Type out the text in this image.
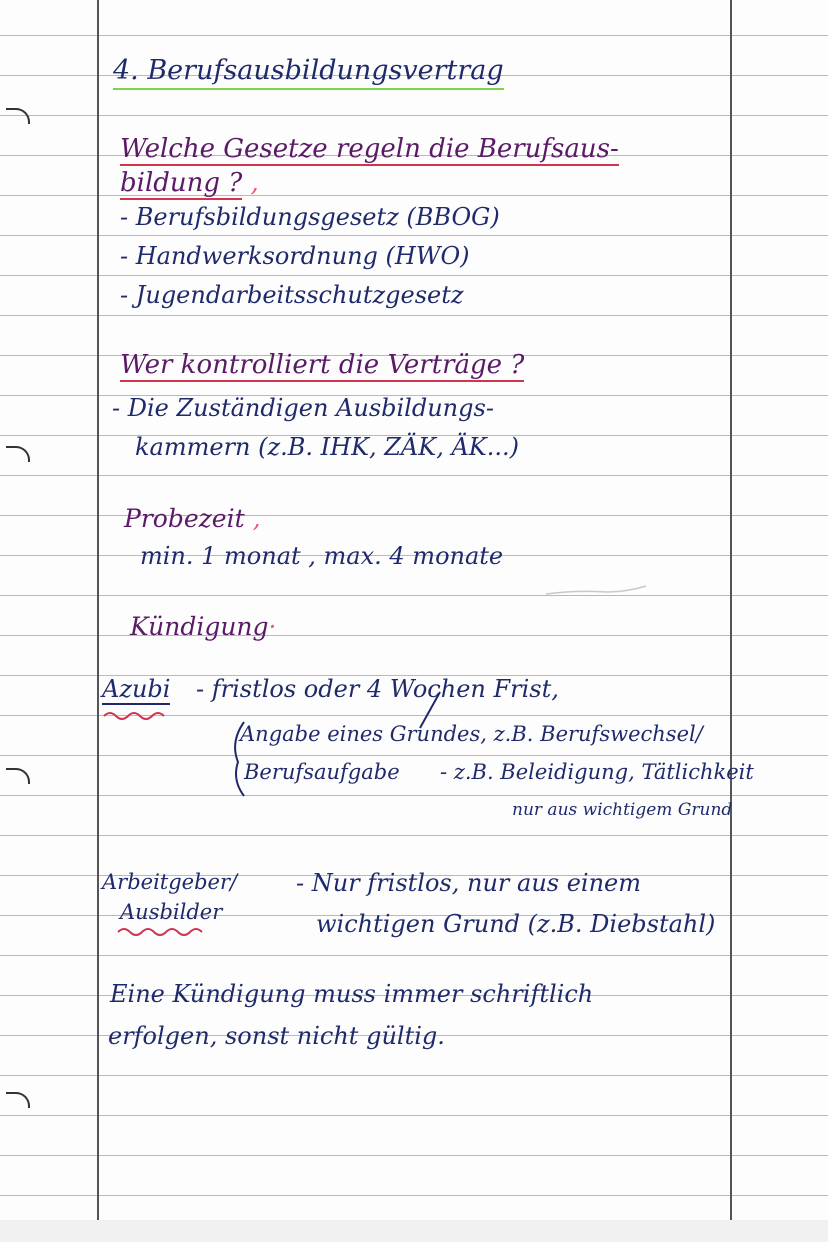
4. Berufsausbildungsvertrag
Welche Gesetze regeln die Berufsaus-
bildung ? ,
- Berufsbildungsgesetz (BBOG)
- Handwerksordnung (HWO)
- Jugendarbeitsschutzgesetz
Wer kontrolliert die Verträge ?
- Die Zuständigen Ausbildungs-
kammern (z.B. IHK, ZÄK, ÄK...)
Probezeit ,
min. 1 monat , max. 4 monate
Kündigung·
Azubi - fristlos oder 4 Wochen Frist,
Angabe eines Grundes, z.B. Berufswechsel/
Berufsaufgabe - z.B. Beleidigung, Tätlichkeit
nur aus wichtigem Grund
Arbeitgeber/
Ausbilder
- Nur fristlos, nur aus einem
wichtigen Grund (z.B. Diebstahl)
Eine Kündigung muss immer schriftlich
erfolgen, sonst nicht gültig.
